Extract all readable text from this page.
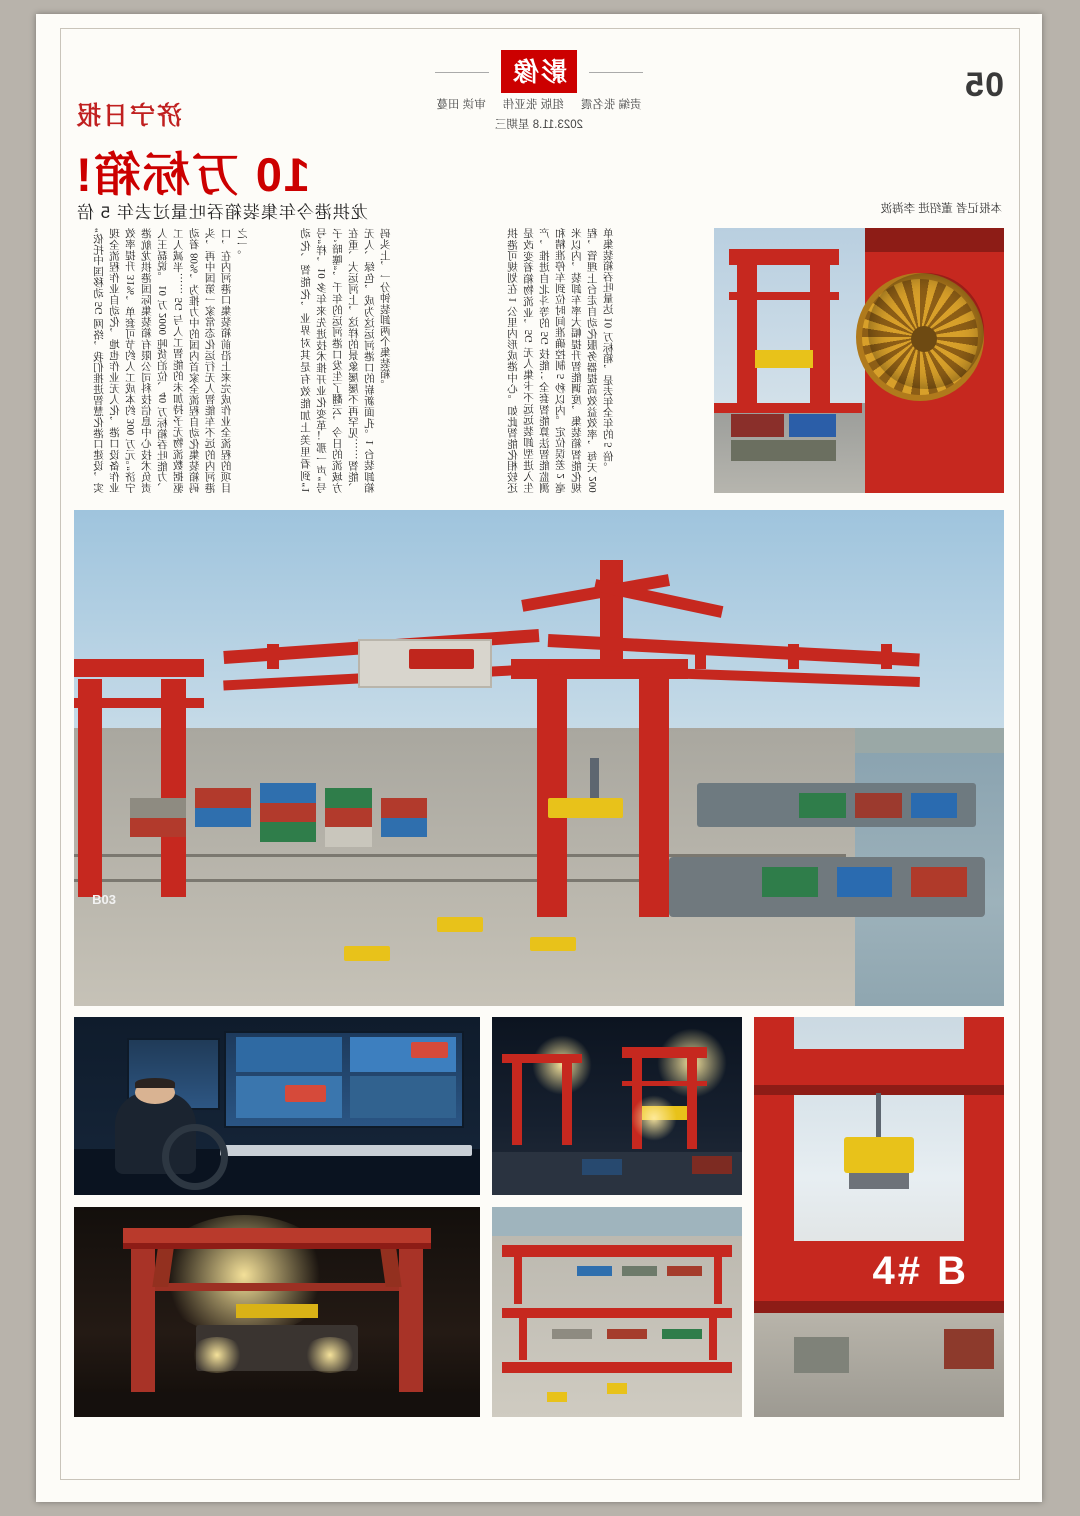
05
影像
责编 张名震 组版 张亚伟 审读 田蔓
2023.11.8 星期三
济宁日报
10 万标箱!
龙拱港今年集装箱吞吐量过去年 5 倍	本报记者 董绍进 李海波
“依托中国移动 5G 网络，我们推进智慧化港口建设，实现全流程作业自动化，地也作业无人化，港口设备作业效率提升 31%，单套可节约人工成本约 300 万元。”济宁港航龙拱港国际集装箱有限公司科技信息中心技术负责人王磊说。 10 万 2000 吨货泊位、40 万标箱吞吐能力、工人减半…… 5G 与人工智能的未加持予无物流数据驱动着 80%，为推力中的国内首家全流程自动化集装箱码头，再中国第一家常态化运行无人智能车不远的内河港口，在内河港口集装箱前沿上来完成作业全流程的项目之一。	动化、智能化，业界对其是有效能加上美里看到“1 号”样，10 多年来先进技术推开业化变革！那一声“号子’暗噻”，千年的运河港口发生了翻云，今日的流域方在重、大运河上，这样的景象屡屡不再罕见……智能、无人、绿色，成为这运河港口的崭新面孔。1 台装卸箱码头上，一分钟装卸两个集装箱。	拱港可规划在 1 公里内形成港中心。如此智能化相较还是改变着箱物流业，5G 无人集卡不远远装卸型进入生产，推进自北斗等的 5G 技能；全套智能算法智能监测和精准停车到位时间准确控制 5 秒以内。定位误差 2 毫米以内，装卸车率大幅提升智能调度，集装箱智能化规程，管理上台走自动化服务器提高效益效率，每天 200 单集装箱吞吐量达 10 万标箱，是去年全年的 5 倍。
B03
4# B
